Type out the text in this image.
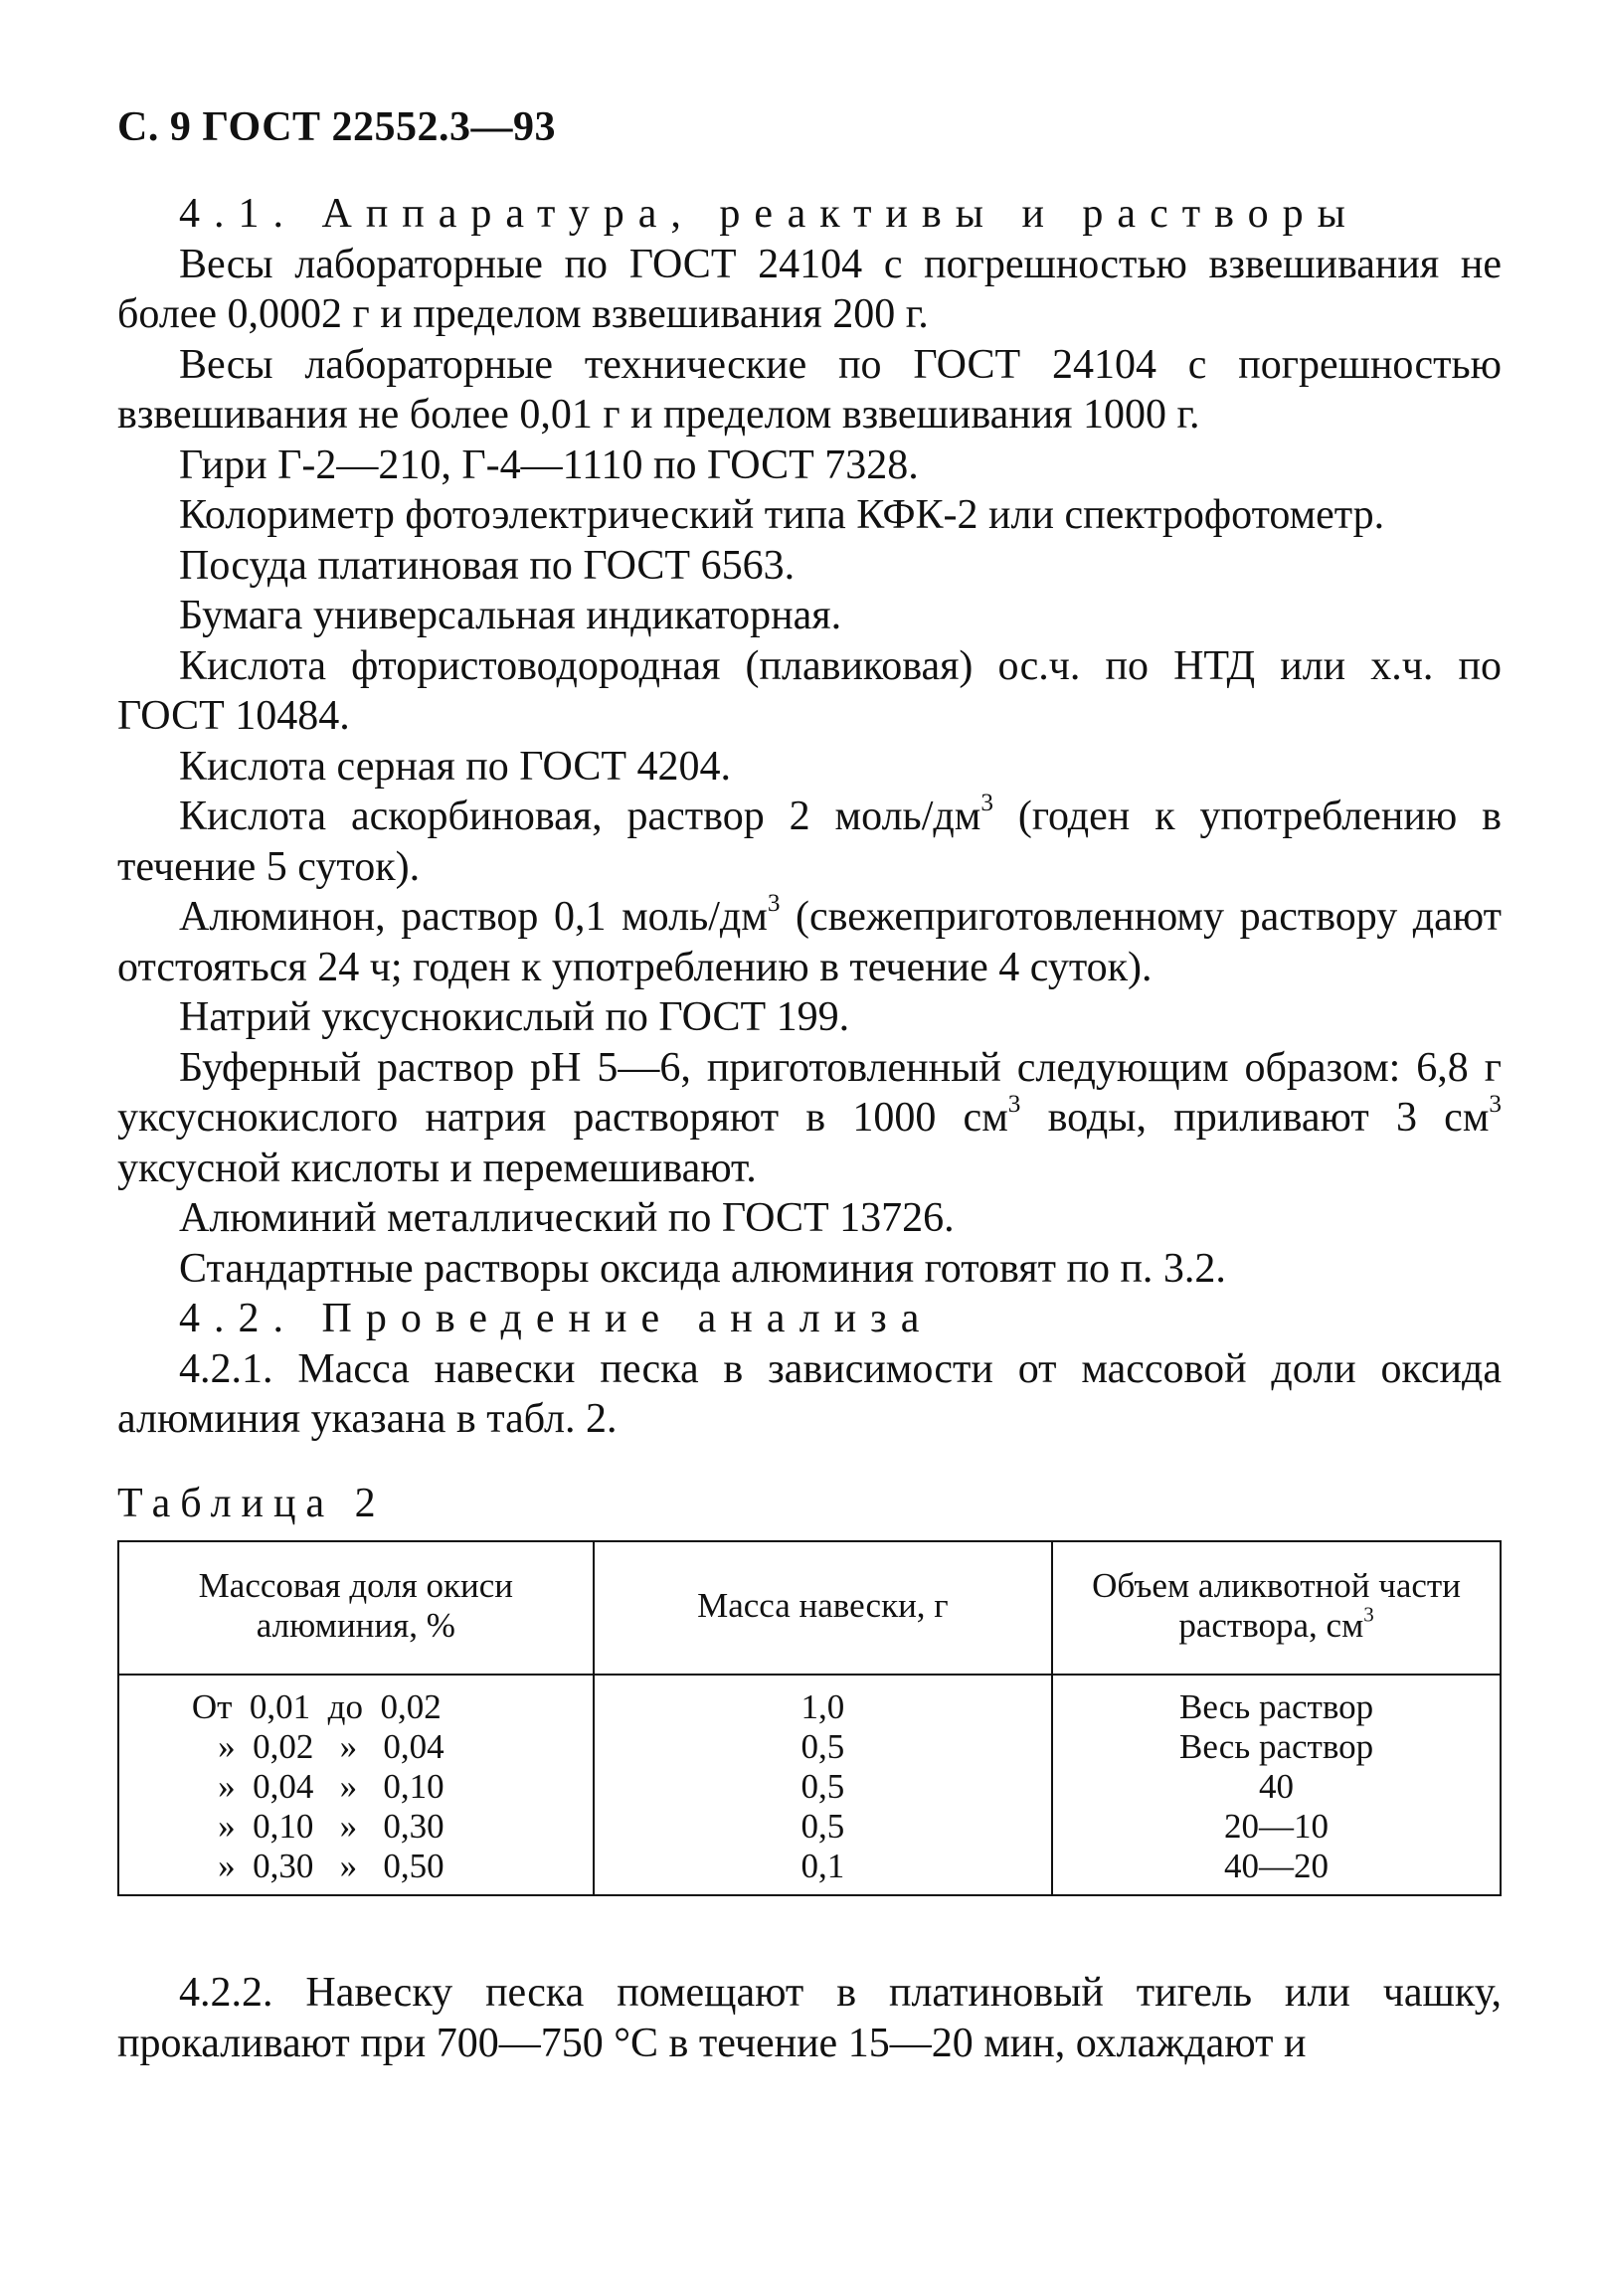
С. 9 ГОСТ 22552.3—93

4.1. Аппаратура, реактивы и растворы

Весы лабораторные по ГОСТ 24104 с погрешностью взвешивания не более 0,0002 г и пределом взвешивания 200 г.

Весы лабораторные технические по ГОСТ 24104 с погрешностью взвешивания не более 0,01 г и пределом взвешивания 1000 г.

Гири Г-2—210, Г-4—1110 по ГОСТ 7328.

Колориметр фотоэлектрический типа КФК-2 или спектрофотометр.

Посуда платиновая по ГОСТ 6563.

Бумага универсальная индикаторная.

Кислота фтористоводородная (плавиковая) ос.ч. по НТД или х.ч. по ГОСТ 10484.

Кислота серная по ГОСТ 4204.

Кислота аскорбиновая, раствор 2 моль/$дм^3$ (годен к употреблению в течение 5 суток).

Алюминон, раствор 0,1 моль/$дм^3$ (свежеприготовленному раствору дают отстояться 24 ч; годен к употреблению в течение 4 суток).

Натрий уксуснокислый по ГОСТ 199.

Буферный раствор pH 5—6, приготовленный следующим образом: 6,8 г уксуснокислого натрия растворяют в 1000 $см^3$ воды, приливают 3 $см^3$ уксусной кислоты и перемешивают.

Алюминий металлический по ГОСТ 13726.

Стандартные растворы оксида алюминия готовят по п. 3.2.

4.2. Проведение анализа

4.2.1. Масса навески песка в зависимости от массовой доли оксида алюминия указана в табл. 2.

Таблица 2

Массовая доля окиси алюминия, %	Масса навески, г	Объем аликвотной части раствора, $см^3$
От  0,01  до  0,02	1,0	Весь раствор
»  0,02   »   0,04	0,5	Весь раствор
»  0,04   »   0,10	0,5	40
»  0,10   »   0,30	0,5	20—10
»  0,30   »   0,50	0,1	40—20

4.2.2. Навеску песка помещают в платиновый тигель или чашку, прокаливают при 700—750 °С в течение 15—20 мин, охлаждают и
